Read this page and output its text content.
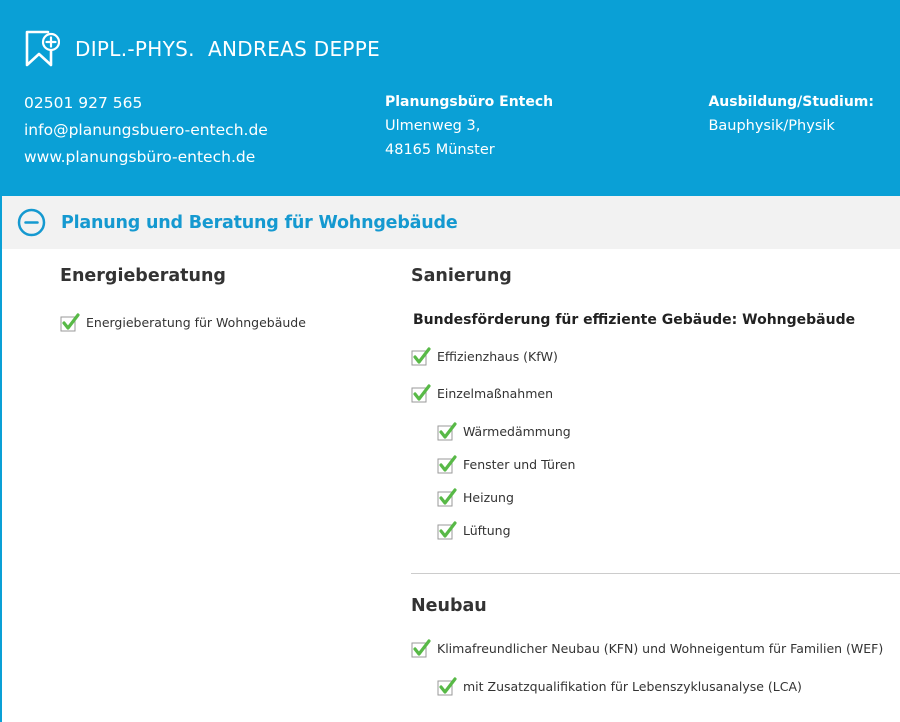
DIPL.-PHYS.  ANDREAS DEPPE
02501 927 565
info@planungsbuero-entech.de
www.planungsbüro-entech.de
Planungsbüro Entech
Ulmenweg 3,
48165 Münster
Ausbildung/Studium:
Bauphysik/Physik
Planung und Beratung für Wohngebäude
Energieberatung
Energieberatung für Wohngebäude
Sanierung
Bundesförderung für effiziente Gebäude: Wohngebäude
Effizienzhaus (KfW)
Einzelmaßnahmen
Wärmedämmung
Fenster und Türen
Heizung
Lüftung
Neubau
Klimafreundlicher Neubau (KFN) und Wohneigentum für Familien (WEF)
mit Zusatzqualifikation für Lebenszyklusanalyse (LCA)
